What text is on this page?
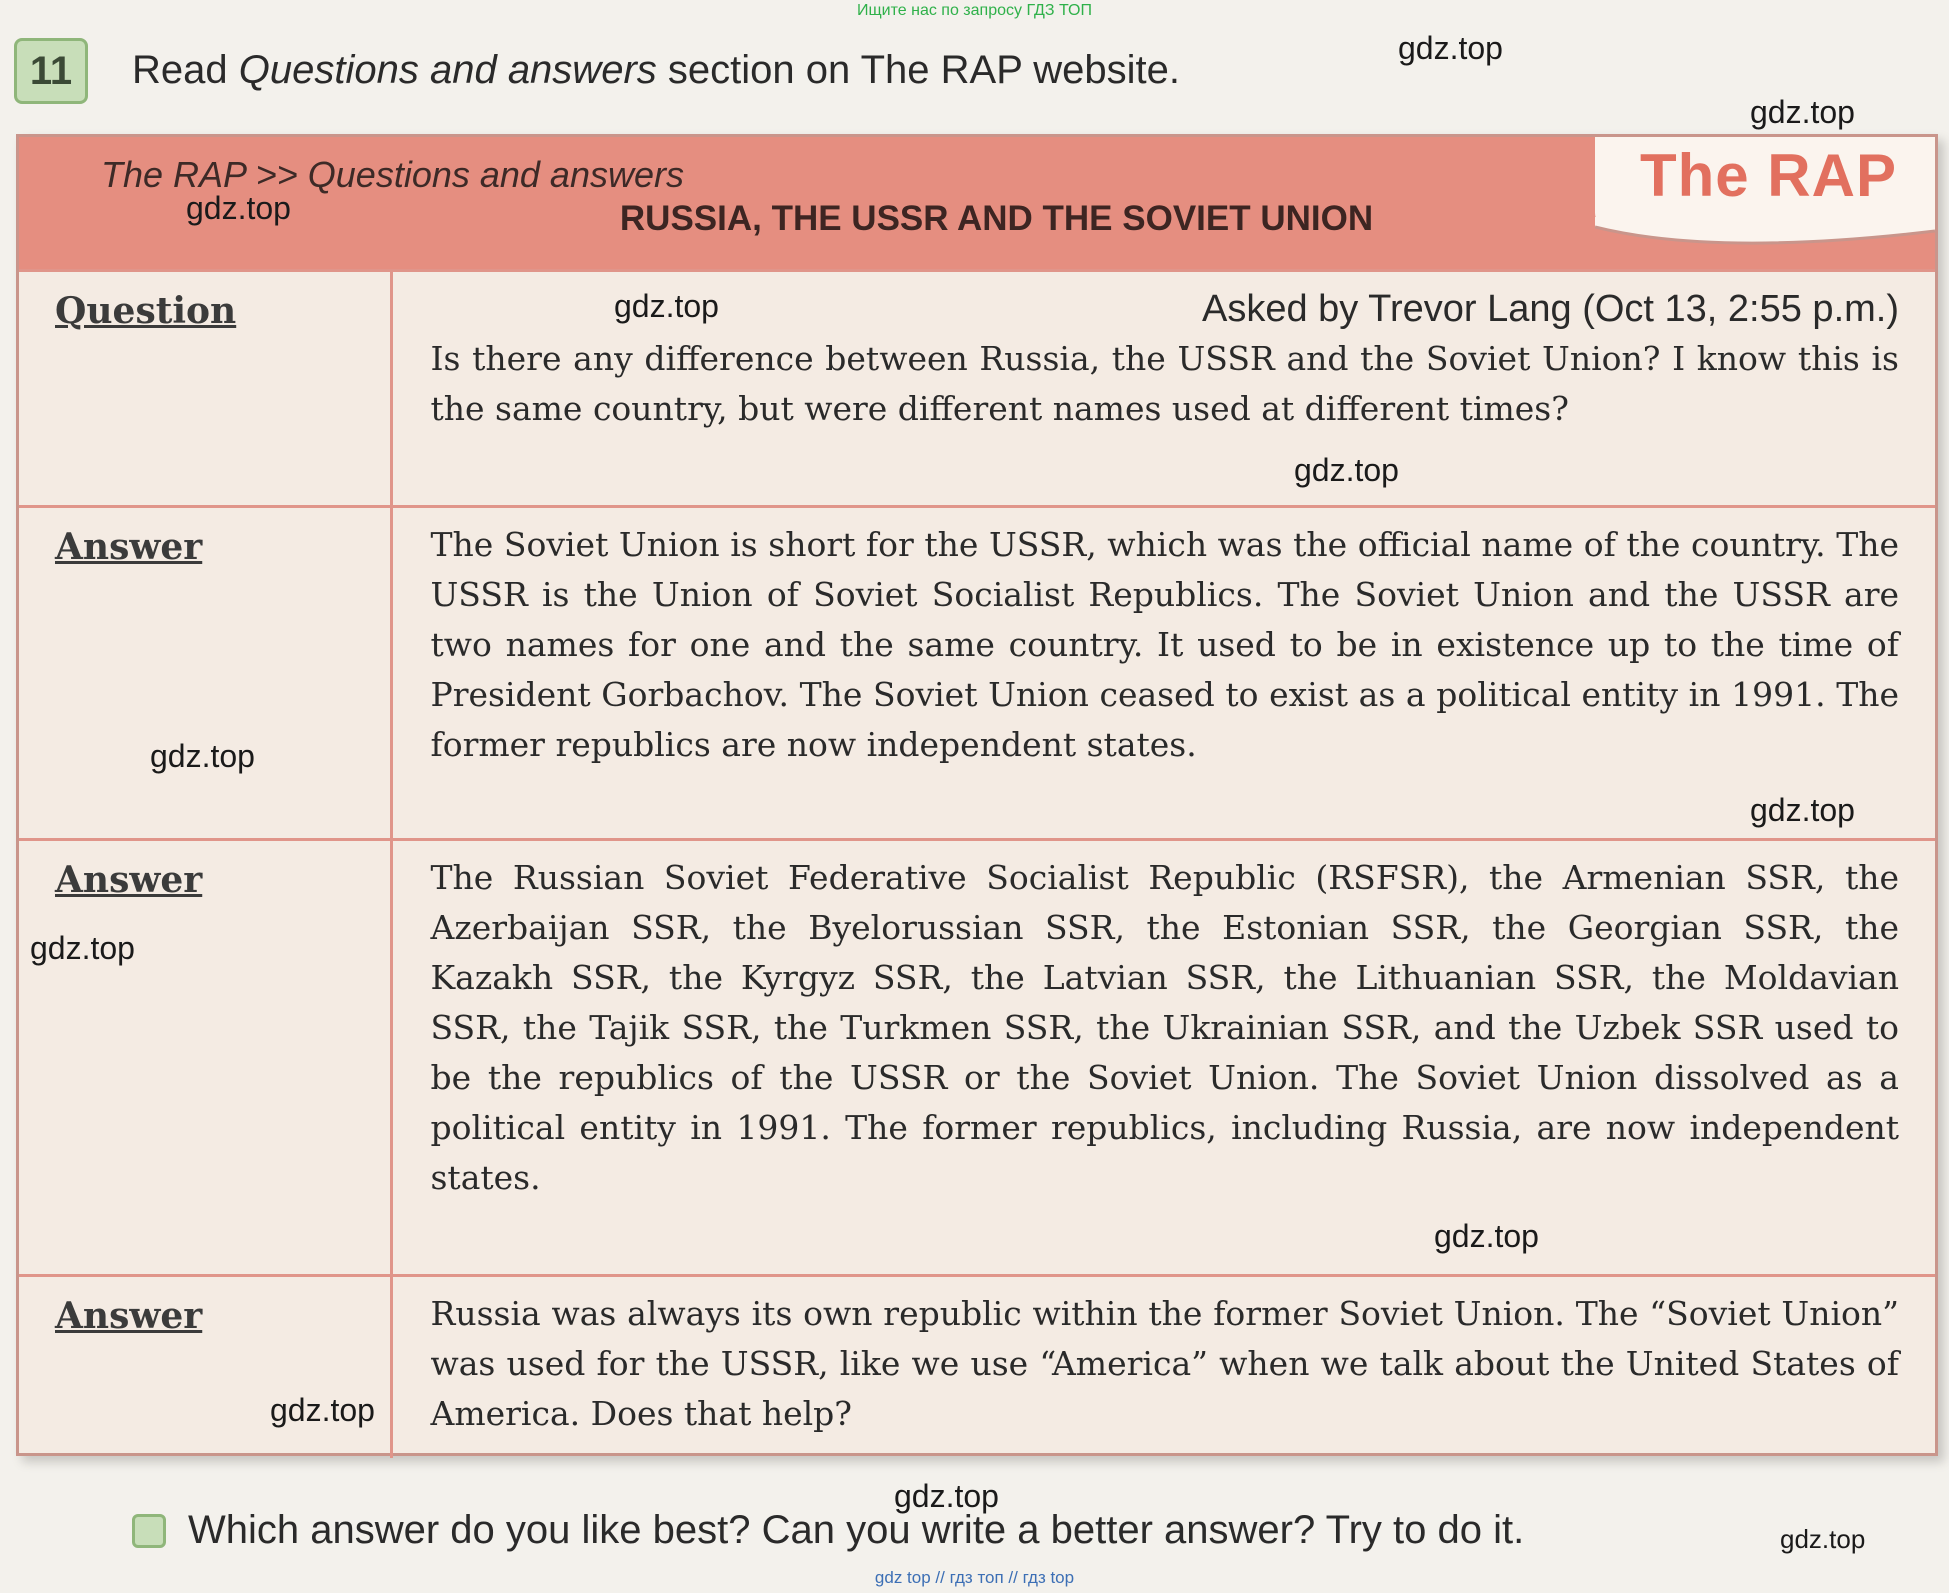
Ищите нас по запросу ГДЗ ТОП
11	Read Questions and answers section on The RAP website.
The RAP >> Questions and answers
RUSSIA, THE USSR AND THE SOVIET UNION
The RAP
Question	Asked by Trevor Lang (Oct 13, 2:55 p.m.)
Is there any difference between Russia, the USSR and the Soviet Union? I know this is the same country, but were different names used at different times?

Answer	The Soviet Union is short for the USSR, which was the official name of the country. The USSR is the Union of Soviet Socialist Republics. The Soviet Union and the USSR are two names for one and the same country. It used to be in existence up to the time of President Gorbachov. The Soviet Union ceased to exist as a political entity in 1991. The former republics are now independent states.
Answer	The Russian Soviet Federative Socialist Republic (RSFSR), the Armenian SSR, the Azerbaijan SSR, the Byelorussian SSR, the Estonian SSR, the Georgian SSR, the Kazakh SSR, the Kyrgyz SSR, the Latvian SSR, the Lithuanian SSR, the Moldavian SSR, the Tajik SSR, the Turkmen SSR, the Ukrainian SSR, and the Uzbek SSR used to be the republics of the USSR or the Soviet Union. The Soviet Union dissolved as a political entity in 1991. The former republics, including Russia, are now independent states.
Answer	Russia was always its own republic within the former Soviet Union. The “Soviet Union” was used for the USSR, like we use “America” when we talk about the United States of America. Does that help?
Which answer do you like best? Can you write a better answer? Try to do it.
gdz top // гдз топ // гдз top
gdz.top
gdz.top
gdz.top
gdz.top
gdz.top
gdz.top
gdz.top
gdz.top
gdz.top
gdz.top
gdz.top
gdz.top
